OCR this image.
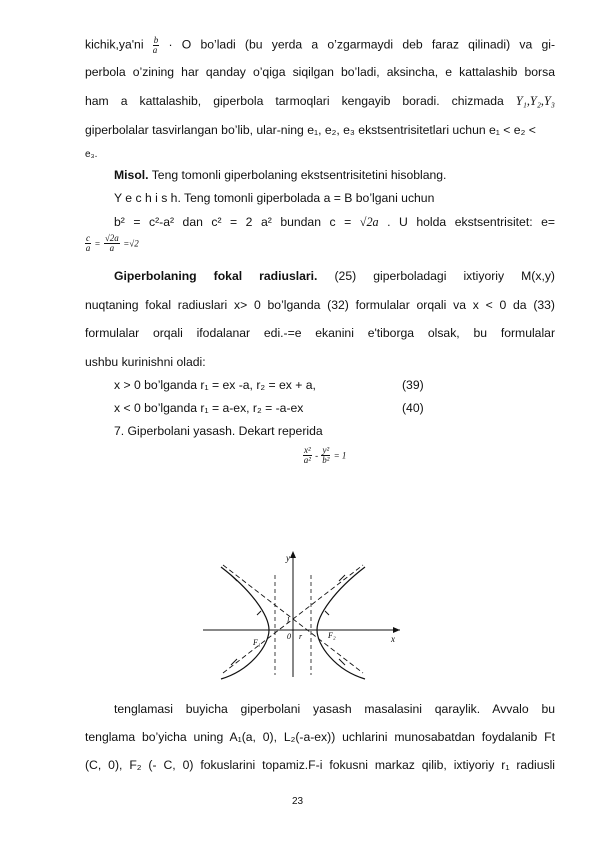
kichik,ya'ni $\frac{b}{a} \cdot O$ bo’ladi (bu yerda a o’zgarmaydi deb faraz qilinadi) va gi-
perbola o’zining har qanday o’qiga siqilgan bo’ladi, aksincha, e kattalashib borsa
ham a kattalashib, giperbola tarmoqlari kengayib boradi. chizmada Y₁,Y₂,Y₃
giperbolalar tasvirlangan bo’lib, ular-ning e₁, e₂, e₃ ekstsentrisitetlari uchun e₁ < e₂ <
e₃.
Misol. Teng tomonli giperbolaning ekstsentrisitetini hisoblang.
Y e c h i s h. Teng tomonli giperbolada a = B bo’lgani uchun
b² = c²-a² dan c² = 2 a² bundan c = √2a . U holda ekstsentrisitet: e=
$\frac{c}{a} = \frac{√2a}{a} =√2$
Giperbolaning fokal radiuslari. (25) giperboladagi ixtiyoriy M(x,y)
nuqtaning fokal radiuslari x> 0 bo’lganda (32) formulalar orqali va x < 0 da (33)
formulalar orqali ifodalanar edi.-=e ekanini e'tiborga olsak, bu formulalar
ushbu kurinishni oladi:
x > 0 bo’lganda r₁ = ex -a, r₂ = ex + a,	(39)
x < 0 bo’lganda r₁ = a-ex, r₂ = -a-ex	(40)
7. Giperbolani yasash. Dekart reperida
$\frac{\text{x²}}{\text{a²}} - \frac{\text{y²}}{\text{b²}} = 1$
y
x
0
F₁
F₂
l
r
tenglamasi buyicha giperbolani yasash masalasini qaraylik. Avvalo bu
tenglama bo’yicha uning A₁(a, 0), L₂(-a-ex)) uchlarini munosabatdan foydalanib Ft
(C, 0), F₂ (- C, 0) fokuslarini topamiz.F-i fokusni markaz qilib, ixtiyoriy r₁ radiusli
23
